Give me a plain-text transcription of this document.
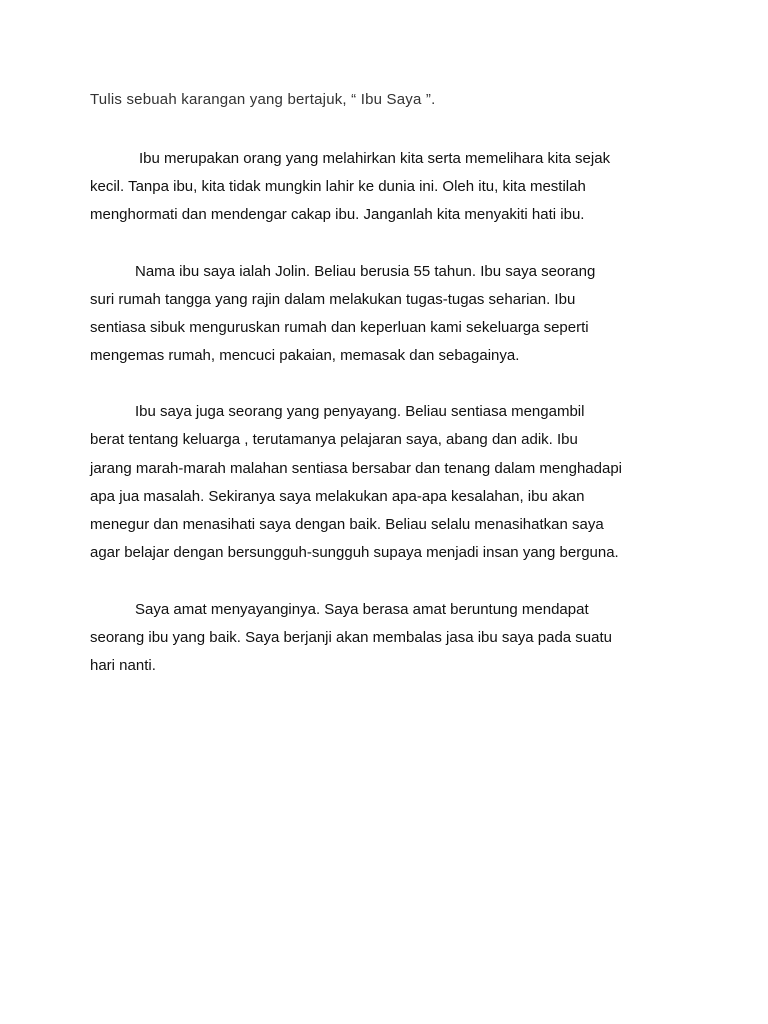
Tulis sebuah karangan yang bertajuk, “ Ibu Saya ”.
Ibu merupakan orang yang melahirkan kita serta memelihara kita sejak
kecil. Tanpa ibu, kita tidak mungkin lahir ke dunia ini. Oleh itu, kita mestilah
menghormati dan mendengar cakap ibu. Janganlah kita menyakiti hati ibu.
Nama ibu saya ialah Jolin. Beliau berusia 55 tahun. Ibu saya seorang
suri rumah tangga yang rajin dalam melakukan tugas-tugas seharian. Ibu
sentiasa sibuk menguruskan rumah dan keperluan kami sekeluarga seperti
mengemas rumah, mencuci pakaian, memasak dan sebagainya.
Ibu saya juga seorang yang penyayang. Beliau sentiasa mengambil
berat tentang keluarga , terutamanya pelajaran saya, abang dan adik. Ibu
jarang marah-marah malahan sentiasa bersabar dan tenang dalam menghadapi
apa jua masalah. Sekiranya saya melakukan apa-apa kesalahan, ibu akan
menegur dan menasihati saya dengan baik. Beliau selalu menasihatkan saya
agar belajar dengan bersungguh-sungguh supaya menjadi insan yang berguna.
Saya amat menyayanginya. Saya berasa amat beruntung mendapat
seorang ibu yang baik. Saya berjanji akan membalas jasa ibu saya pada suatu
hari nanti.
